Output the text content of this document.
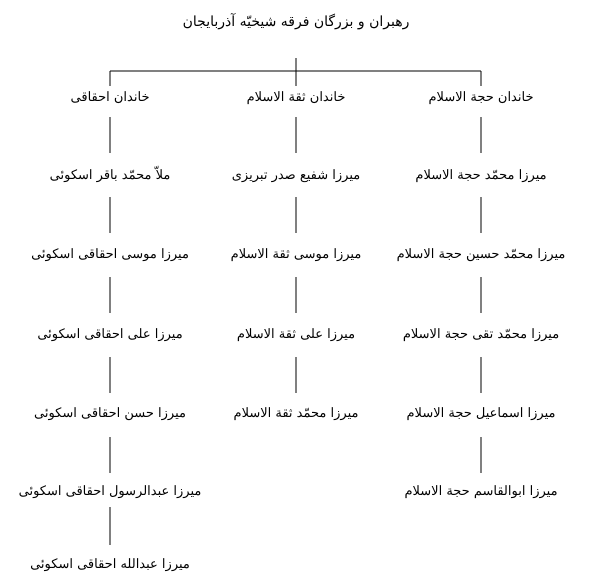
رهبران و بزرگان فرقه شیخیّه آذربایجان
خاندان احقاقی
ملاّ محمّد باقر اسکوئی
میرزا موسی احقاقی اسکوئی
میرزا علی احقاقی اسکوئی
میرزا حسن احقاقی اسکوئی
میرزا عبدالرسول احقاقی اسکوئی
میرزا عبدالله احقاقی اسکوئی
خاندان ثقة الاسلام
میرزا شفیع صدر تبریزی
میرزا موسی ثقة الاسلام
میرزا علی ثقة الاسلام
میرزا محمّد ثقة الاسلام
خاندان حجة الاسلام
میرزا محمّد حجة الاسلام
میرزا محمّد حسین حجة الاسلام
میرزا محمّد تقی حجة الاسلام
میرزا اسماعیل حجة الاسلام
میرزا ابوالقاسم حجة الاسلام
